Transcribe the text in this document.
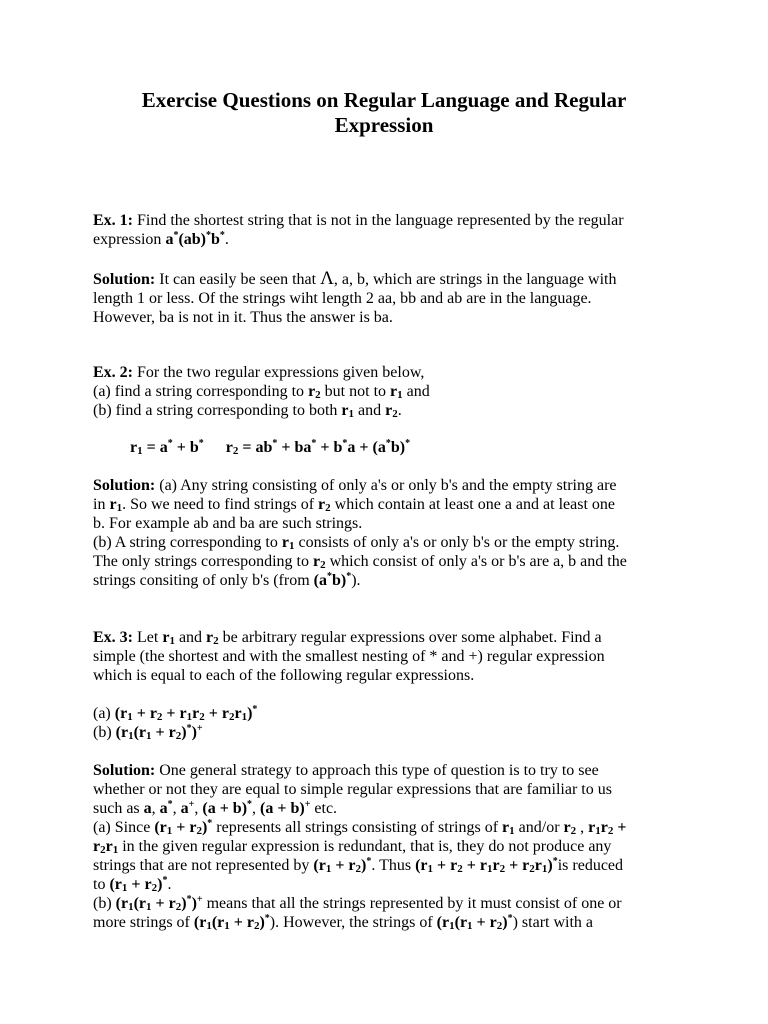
Exercise Questions on Regular Language and Regular
Expression
Ex. 1: Find the shortest string that is not in the language represented by the regular
expression a*(ab)*b*.
Solution: It can easily be seen that Λ, a, b, which are strings in the language with
length 1 or less. Of the strings wiht length 2 aa, bb and ab are in the language.
However, ba is not in it. Thus the answer is ba.
Ex. 2: For the two regular expressions given below,
(a) find a string corresponding to $r_2$ but not to $r_1$ and
(b) find a string corresponding to both $r_1$ and $r_2$.
$r_1 = a^* + b^*$ $r_2 = ab^* + ba^* + b^*a + (a^*b)^*$
Solution: (a) Any string consisting of only a's or only b's and the empty string are
in $r_1$. So we need to find strings of $r_2$ which contain at least one a and at least one
b. For example ab and ba are such strings.
(b) A string corresponding to $r_1$ consists of only a's or only b's or the empty string.
The only strings corresponding to $r_2$ which consist of only a's or b's are a, b and the
strings consiting of only b's (from (a*b)*).
Ex. 3: Let $r_1$ and $r_2$ be arbitrary regular expressions over some alphabet. Find a
simple (the shortest and with the smallest nesting of * and +) regular expression
which is equal to each of the following regular expressions.
(a) $(r_1 + r_2 + r_1r_2 + r_2r_1)^*$
(b) $(r_1(r_1 + r_2)^*)^+$
Solution: One general strategy to approach this type of question is to try to see
whether or not they are equal to simple regular expressions that are familiar to us
such as a, a*, a+, (a + b)*, (a + b)+ etc.
(a) Since $(r_1 + r_2)^*$ represents all strings consisting of strings of $r_1$ and/or $r_2$ , $r_1r_2$ +
$r_2r_1$ in the given regular expression is redundant, that is, they do not produce any
strings that are not represented by $(r_1 + r_2)^*$. Thus $(r_1 + r_2 + r_1r_2 + r_2r_1)^*is$ reduced
to $(r_1 + r_2)^*$.
(b) $(r_1(r_1 + r_2)^*)^+$ means that all the strings represented by it must consist of one or
more strings of $(r_1(r_1 + r_2)^*)$. However, the strings of $(r_1(r_1 + r_2)^*)$ start with a
